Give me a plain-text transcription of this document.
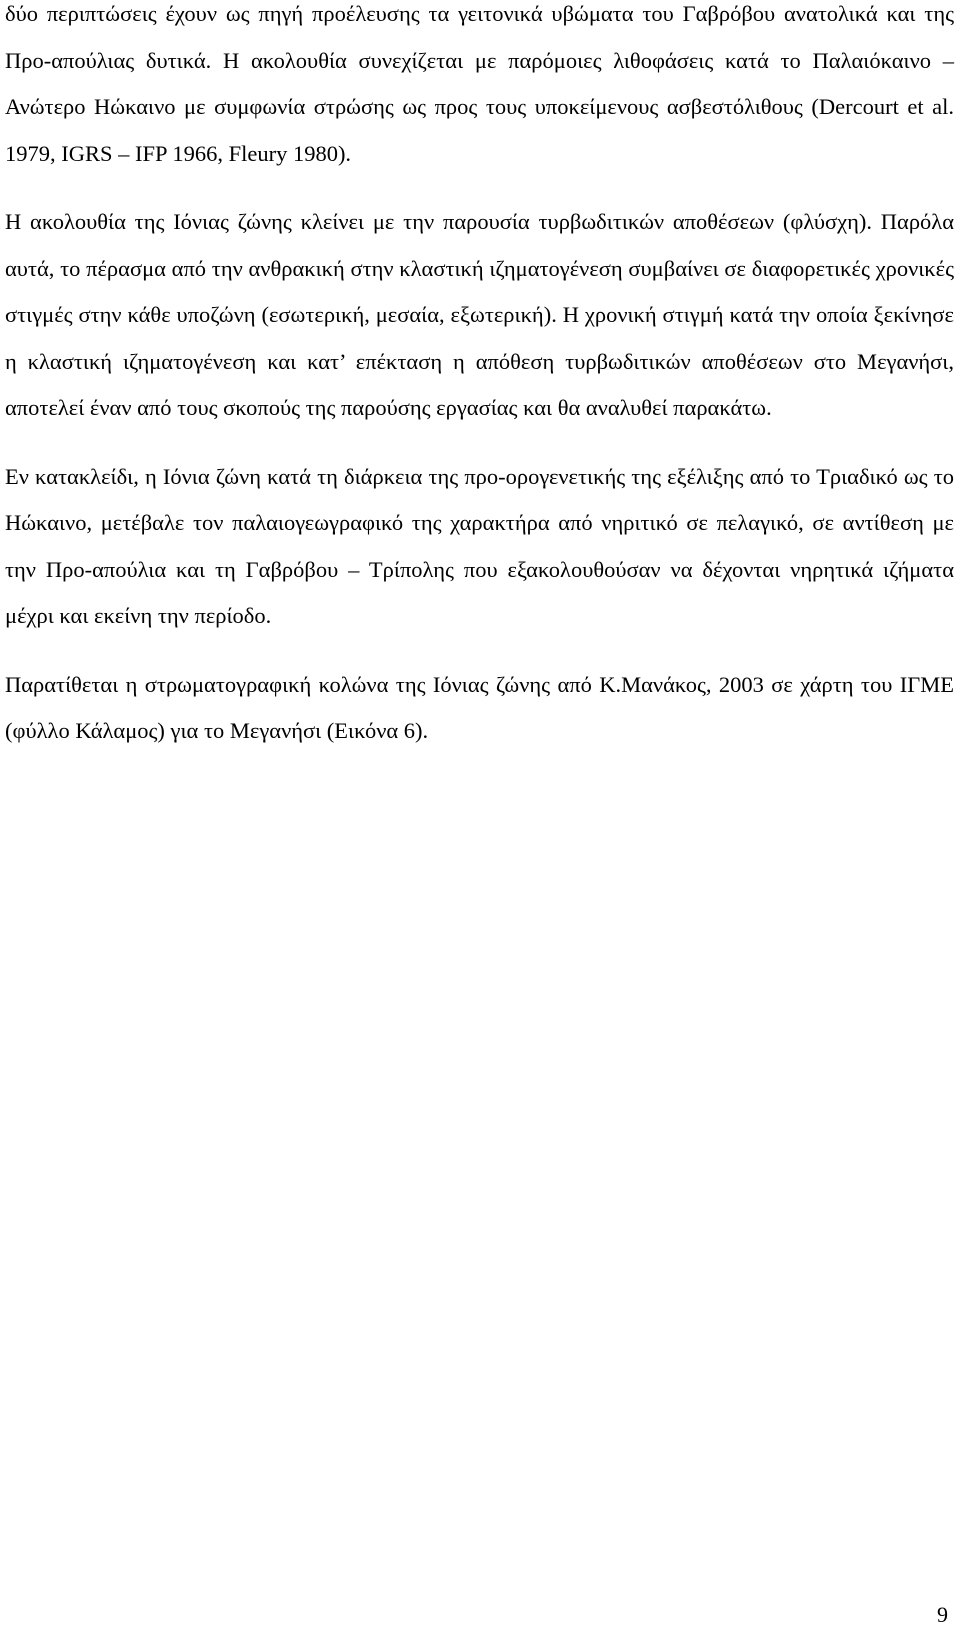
δύο περιπτώσεις έχουν ως πηγή προέλευσης τα γειτονικά υβώματα του Γαβρόβου ανατολικά και της Προ-απούλιας δυτικά. Η ακολουθία συνεχίζεται με παρόμοιες λιθοφάσεις κατά το Παλαιόκαινο – Ανώτερο Ηώκαινο με συμφωνία στρώσης ως προς τους υποκείμενους ασβεστόλιθους (Dercourt et al. 1979, IGRS – IFP 1966, Fleury 1980).

Η ακολουθία της Ιόνιας ζώνης κλείνει με την παρουσία τυρβωδιτικών αποθέσεων (φλύσχη). Παρόλα αυτά, το πέρασμα από την ανθρακική στην κλαστική ιζηματογένεση συμβαίνει σε διαφορετικές χρονικές στιγμές στην κάθε υποζώνη (εσωτερική, μεσαία, εξωτερική). Η χρονική στιγμή κατά την οποία ξεκίνησε η κλαστική ιζηματογένεση και κατ’ επέκταση η απόθεση τυρβωδιτικών αποθέσεων στο Μεγανήσι, αποτελεί έναν από τους σκοπούς της παρούσης εργασίας και θα αναλυθεί παρακάτω.

Εν κατακλείδι, η Ιόνια ζώνη κατά τη διάρκεια της προ-ορογενετικής της εξέλιξης από το Τριαδικό ως το Ηώκαινο, μετέβαλε τον παλαιογεωγραφικό της χαρακτήρα από νηριτικό σε πελαγικό, σε αντίθεση με την Προ-απούλια και τη Γαβρόβου – Τρίπολης που εξακολουθούσαν να δέχονται νηρητικά ιζήματα μέχρι και εκείνη την περίοδο.

Παρατίθεται η στρωματογραφική κολώνα της Ιόνιας ζώνης από Κ.Μανάκος, 2003 σε χάρτη του ΙΓΜΕ (φύλλο Κάλαμος) για το Μεγανήσι (Εικόνα 6).

9
